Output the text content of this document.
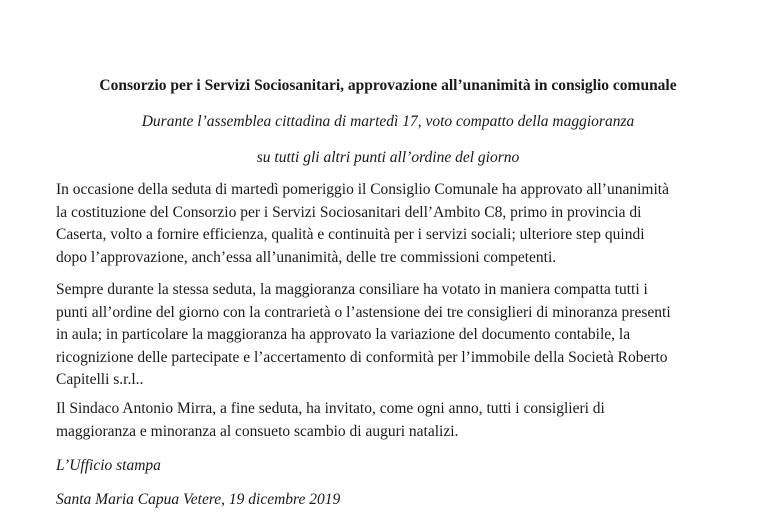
Consorzio per i Servizi Sociosanitari, approvazione all’unanimità in consiglio comunale
Durante l’assemblea cittadina di martedì 17, voto compatto della maggioranza
su tutti gli altri punti all’ordine del giorno
In occasione della seduta di martedì pomeriggio il Consiglio Comunale ha approvato all’unanimità
la costituzione del Consorzio per i Servizi Sociosanitari dell’Ambito C8, primo in provincia di
Caserta, volto a fornire efficienza, qualità e continuità per i servizi sociali; ulteriore step quindi
dopo l’approvazione, anch’essa all’unanimità, delle tre commissioni competenti.
Sempre durante la stessa seduta, la maggioranza consiliare ha votato in maniera compatta tutti i
punti all’ordine del giorno con la contrarietà o l’astensione dei tre consiglieri di minoranza presenti
in aula; in particolare la maggioranza ha approvato la variazione del documento contabile, la
ricognizione delle partecipate e l’accertamento di conformità per l’immobile della Società Roberto
Capitelli s.r.l..
Il Sindaco Antonio Mirra, a fine seduta, ha invitato, come ogni anno, tutti i consiglieri di
maggioranza e minoranza al consueto scambio di auguri natalizi.
L’Ufficio stampa
Santa Maria Capua Vetere, 19 dicembre 2019
